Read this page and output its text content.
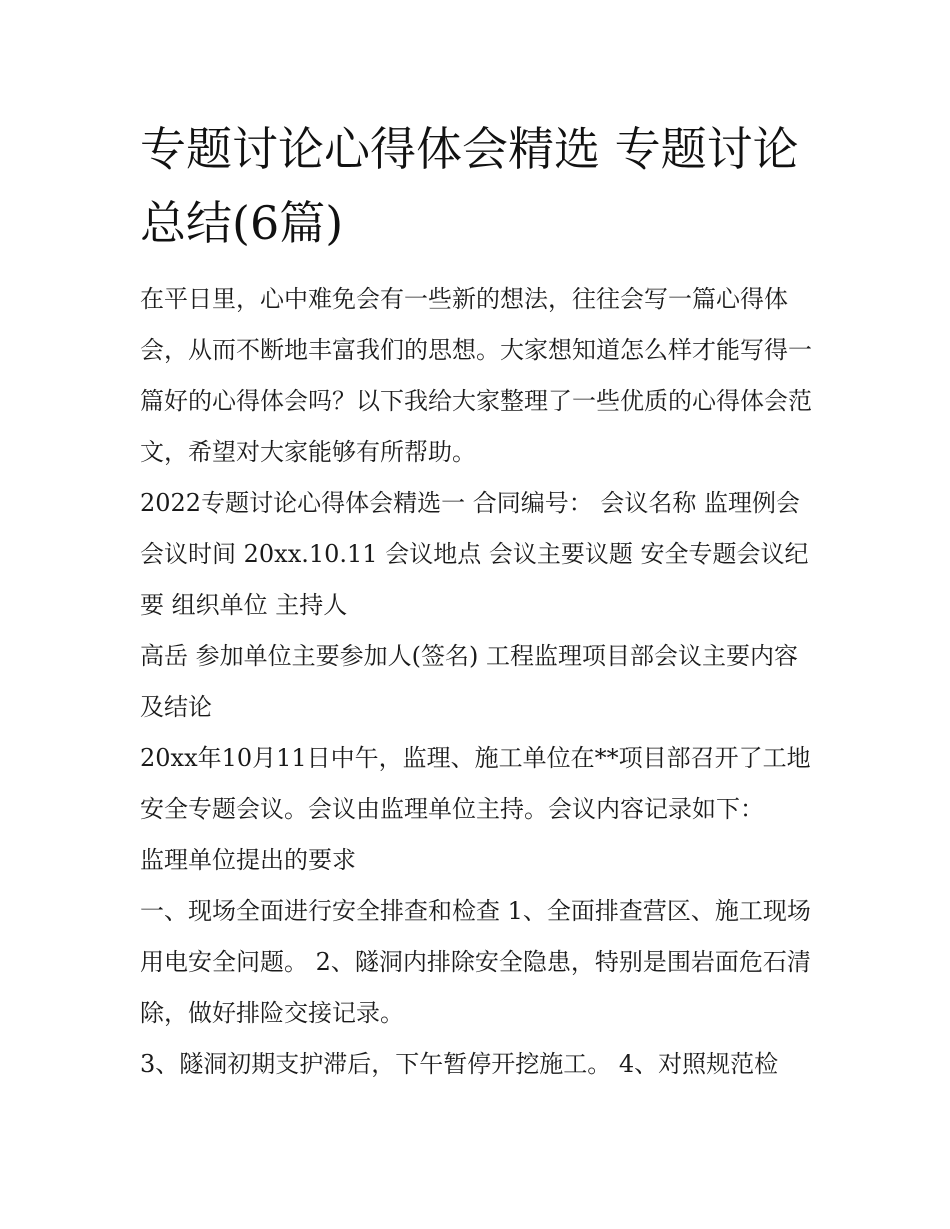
专题讨论心得体会精选 专题讨论总结(6篇)

在平日里，心中难免会有一些新的想法，往往会写一篇心得体会，从而不断地丰富我们的思想。大家想知道怎么样才能写得一篇好的心得体会吗？以下我给大家整理了一些优质的心得体会范文，希望对大家能够有所帮助。

2022专题讨论心得体会精选一 合同编号： 会议名称 监理例会 会议时间 20xx.10.11 会议地点 会议主要议题 安全专题会议纪要 组织单位 主持人

高岳 参加单位主要参加人(签名) 工程监理项目部会议主要内容及结论

20xx年10月11日中午，监理、施工单位在**项目部召开了工地安全专题会议。会议由监理单位主持。会议内容记录如下：

监理单位提出的要求

一、现场全面进行安全排查和检查 1、全面排查营区、施工现场用电安全问题。 2、隧洞内排除安全隐患，特别是围岩面危石清除，做好排险交接记录。

3、隧洞初期支护滞后，下午暂停开挖施工。 4、对照规范检
